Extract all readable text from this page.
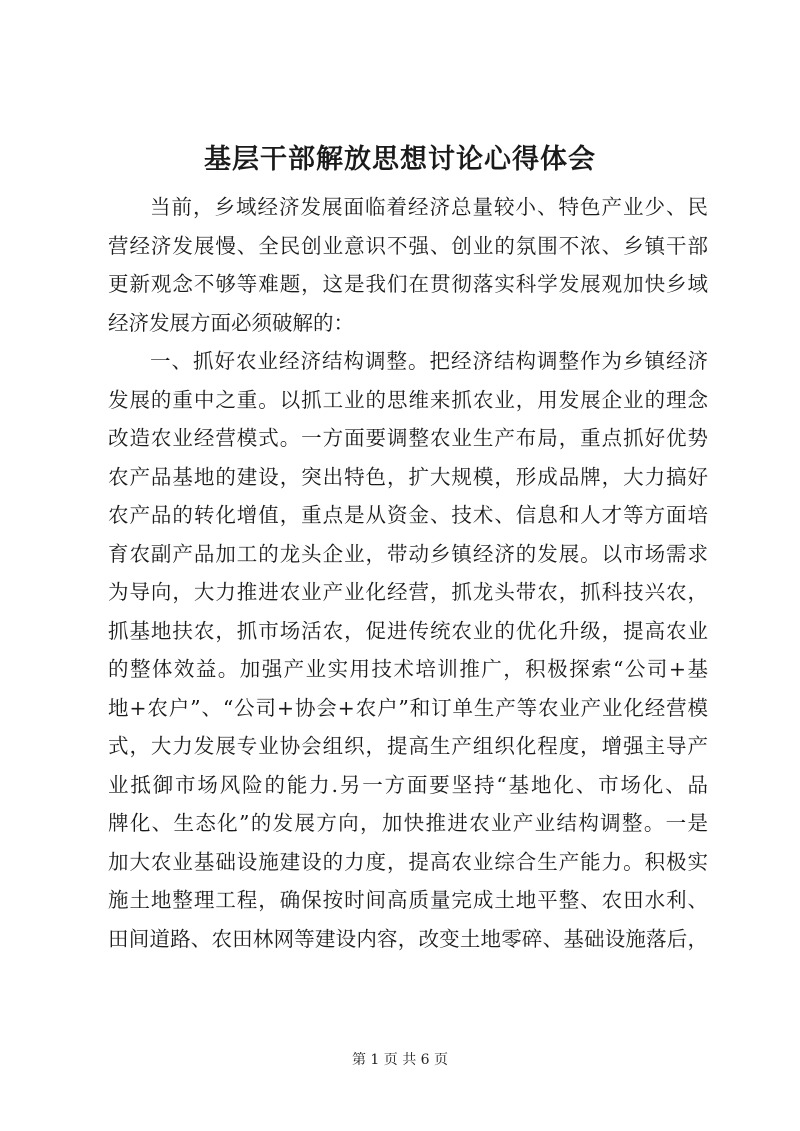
基层干部解放思想讨论心得体会
当前，乡域经济发展面临着经济总量较小、特色产业少、民
营经济发展慢、全民创业意识不强、创业的氛围不浓、乡镇干部
更新观念不够等难题，这是我们在贯彻落实科学发展观加快乡域
经济发展方面必须破解的：
一、抓好农业经济结构调整。把经济结构调整作为乡镇经济
发展的重中之重。以抓工业的思维来抓农业，用发展企业的理念
改造农业经营模式。一方面要调整农业生产布局，重点抓好优势
农产品基地的建设，突出特色，扩大规模，形成品牌，大力搞好
农产品的转化增值，重点是从资金、技术、信息和人才等方面培
育农副产品加工的龙头企业，带动乡镇经济的发展。以市场需求
为导向，大力推进农业产业化经营，抓龙头带农，抓科技兴农，
抓基地扶农，抓市场活农，促进传统农业的优化升级，提高农业
的整体效益。加强产业实用技术培训推广，积极探索“公司+基
地+农户”、“公司+协会+农户”和订单生产等农业产业化经营模
式，大力发展专业协会组织，提高生产组织化程度，增强主导产
业抵御市场风险的能力.另一方面要坚持“基地化、市场化、品
牌化、生态化”的发展方向，加快推进农业产业结构调整。一是
加大农业基础设施建设的力度，提高农业综合生产能力。积极实
施土地整理工程，确保按时间高质量完成土地平整、农田水利、
田间道路、农田林网等建设内容，改变土地零碎、基础设施落后，
第 1 页 共 6 页
